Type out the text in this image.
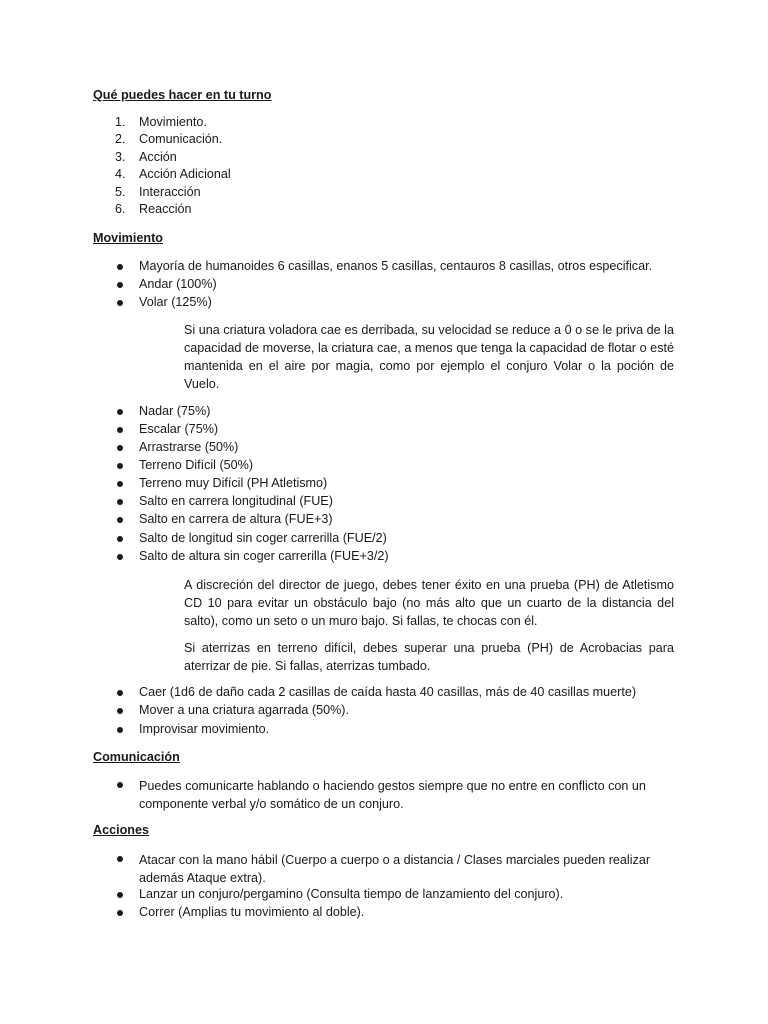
Qué puedes hacer en tu turno
1. Movimiento.
2. Comunicación.
3. Acción
4. Acción Adicional
5. Interacción
6. Reacción
Movimiento
Mayoría de humanoides 6 casillas, enanos 5 casillas, centauros 8 casillas, otros especificar.
Andar (100%)
Volar (125%)
Si una criatura voladora cae es derribada, su velocidad se reduce a 0 o se le priva de la capacidad de moverse, la criatura cae, a menos que tenga la capacidad de flotar o esté mantenida en el aire por magia, como por ejemplo el conjuro Volar o la poción de Vuelo.
Nadar (75%)
Escalar (75%)
Arrastrarse (50%)
Terreno Difícil (50%)
Terreno muy Difícil (PH Atletismo)
Salto en carrera longitudinal (FUE)
Salto en carrera de altura (FUE+3)
Salto de longitud sin coger carrerilla (FUE/2)
Salto de altura sin coger carrerilla (FUE+3/2)
A discreción del director de juego, debes tener éxito en una prueba (PH) de Atletismo CD 10 para evitar un obstáculo bajo (no más alto que un cuarto de la distancia del salto), como un seto o un muro bajo. Si fallas, te chocas con él.
Si aterrizas en terreno difícil, debes superar una prueba (PH) de Acrobacias para aterrizar de pie. Si fallas, aterrizas tumbado.
Caer (1d6 de daño cada 2 casillas de caída hasta 40 casillas, más de 40 casillas muerte)
Mover a una criatura agarrada (50%).
Improvisar movimiento.
Comunicación
Puedes comunicarte hablando o haciendo gestos siempre que no entre en conflicto con un componente verbal y/o somático de un conjuro.
Acciones
Atacar con la mano hábil (Cuerpo a cuerpo o a distancia / Clases marciales pueden realizar además Ataque extra).
Lanzar un conjuro/pergamino (Consulta tiempo de lanzamiento del conjuro).
Correr (Amplias tu movimiento al doble).
